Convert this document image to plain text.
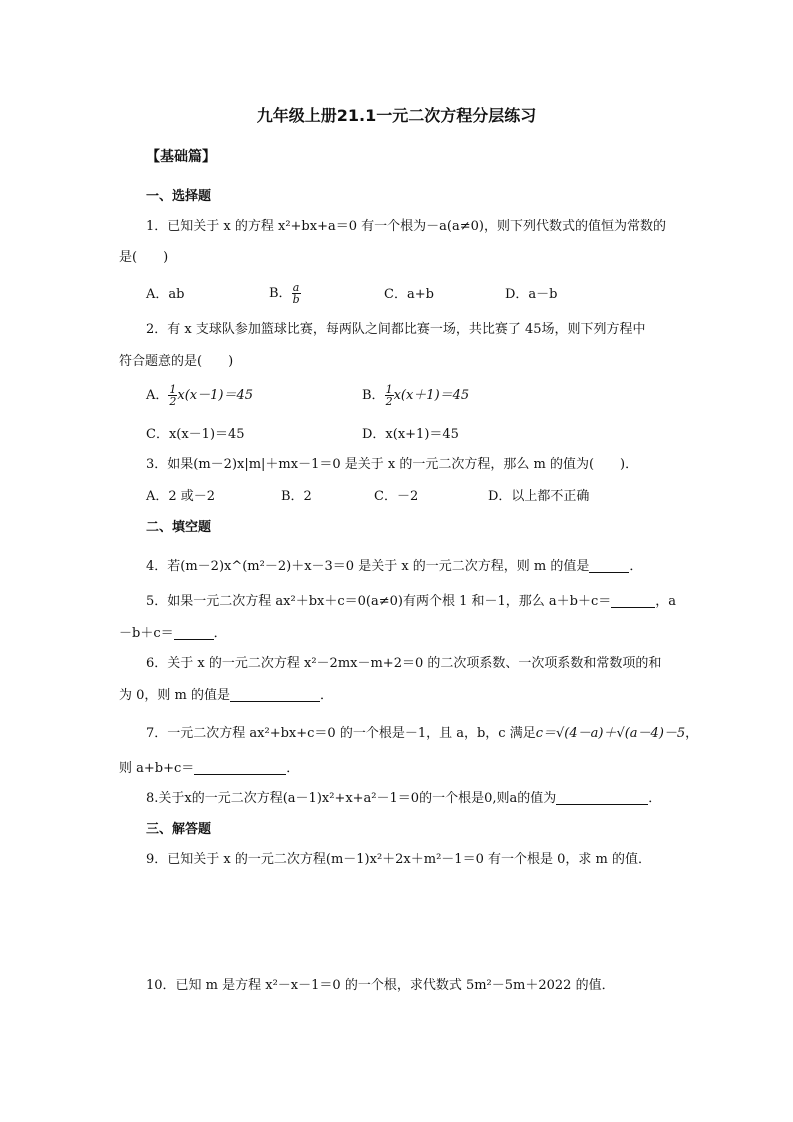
九年级上册21.1一元二次方程分层练习
【基础篇】
一、选择题
1．已知关于 x 的方程 x²+bx+a＝0 有一个根为－a(a≠0)，则下列代数式的值恒为常数的
是(　　)
A．ab	B． $\frac{a}{b}$	C．a+b	D．a－b
2．有 x 支球队参加篮球比赛，每两队之间都比赛一场，共比赛了 45场，则下列方程中
符合题意的是(　　)
A． $\frac{1}{2} x(x-1)=45$	B． $\frac{1}{2} x(x+1)=45$
C．x(x－1)＝45	D．x(x+1)＝45
3．如果(m－2)x|m|＋mx－1＝0 是关于 x 的一元二次方程，那么 m 的值为(　　)．
A．2 或－2	B．2	C．－2	D．以上都不正确
二、填空题
4．若(m－2)x^(m²－2)＋x－3＝0 是关于 x 的一元二次方程，则 m 的值是	．
5．如果一元二次方程 ax²＋bx＋c＝0(a≠0)有两个根 1 和－1，那么 a＋b＋c＝	，a
－b＋c＝	．
6．关于 x 的一元二次方程 x²－2mx－m+2＝0 的二次项系数、一次项系数和常数项的和
为 0，则 m 的值是	．
7．一元二次方程 ax²+bx+c＝0 的一个根是－1，且 a，b，c 满足c＝√(4－a)＋√(a－4)－5，
则 a+b+c＝	．
8.关于x的一元二次方程(a－1)x²+x+a²－1＝0的一个根是0,则a的值为	．
三、解答题
9．已知关于 x 的一元二次方程(m－1)x²＋2x＋m²－1＝0 有一个根是 0，求 m 的值．
10．已知 m 是方程 x²－x－1＝0 的一个根，求代数式 5m²－5m＋2022 的值．
